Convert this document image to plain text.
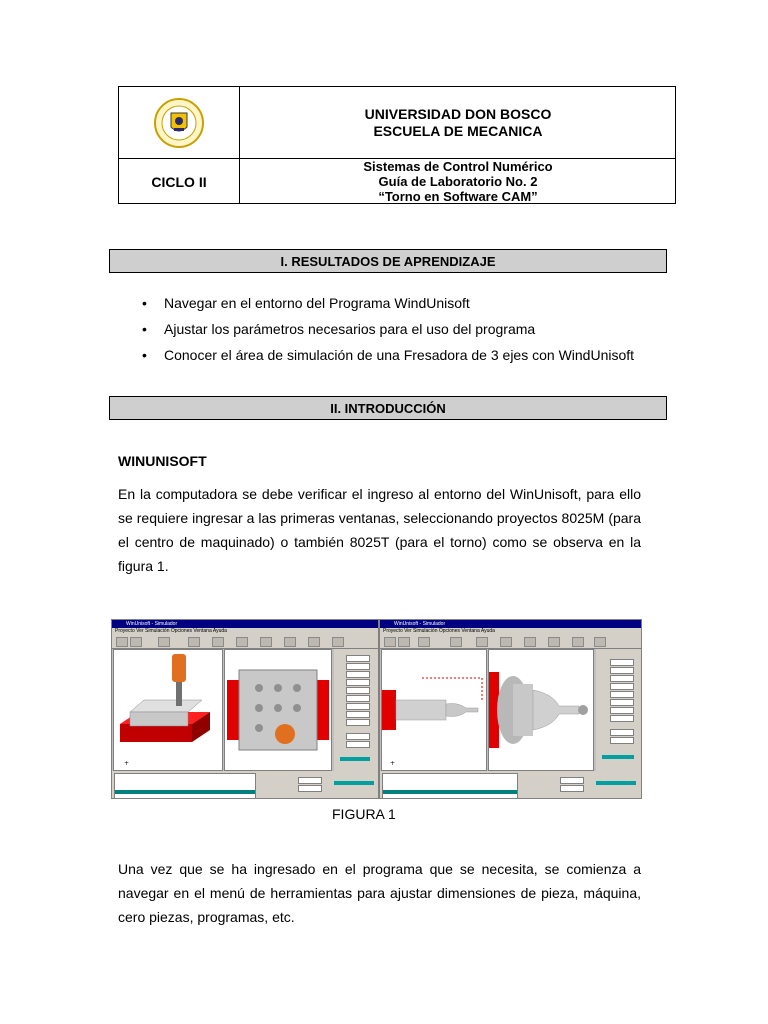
UNIVERSIDAD DON BOSCO
ESCUELA DE MECANICA
CICLO II
Sistemas de Control Numérico
Guía de Laboratorio No. 2
“Torno en Software CAM”
I. RESULTADOS DE APRENDIZAJE
• Navegar en el entorno del Programa WindUnisoft
• Ajustar los parámetros necesarios para el uso del programa
• Conocer el área de simulación de una Fresadora de 3 ejes con WindUnisoft
II. INTRODUCCIÓN
WINUNISOFT

En la computadora se debe verificar el ingreso al entorno del WinUnisoft, para ello se requiere ingresar a las primeras ventanas, seleccionando proyectos 8025M (para el centro de maquinado) o también 8025T (para el torno) como se observa en la figura 1.

WinUnisoft - Simulador
Proyecto Ver Simulación Opciones Ventana Ayuda
+
WinUnisoft - Simulador
Proyecto Ver Simulación Opciones Ventana Ayuda
+
FIGURA 1

Una vez que se ha ingresado en el programa que se necesita, se comienza a navegar en el menú de herramientas para ajustar dimensiones de pieza, máquina, cero piezas, programas, etc.
